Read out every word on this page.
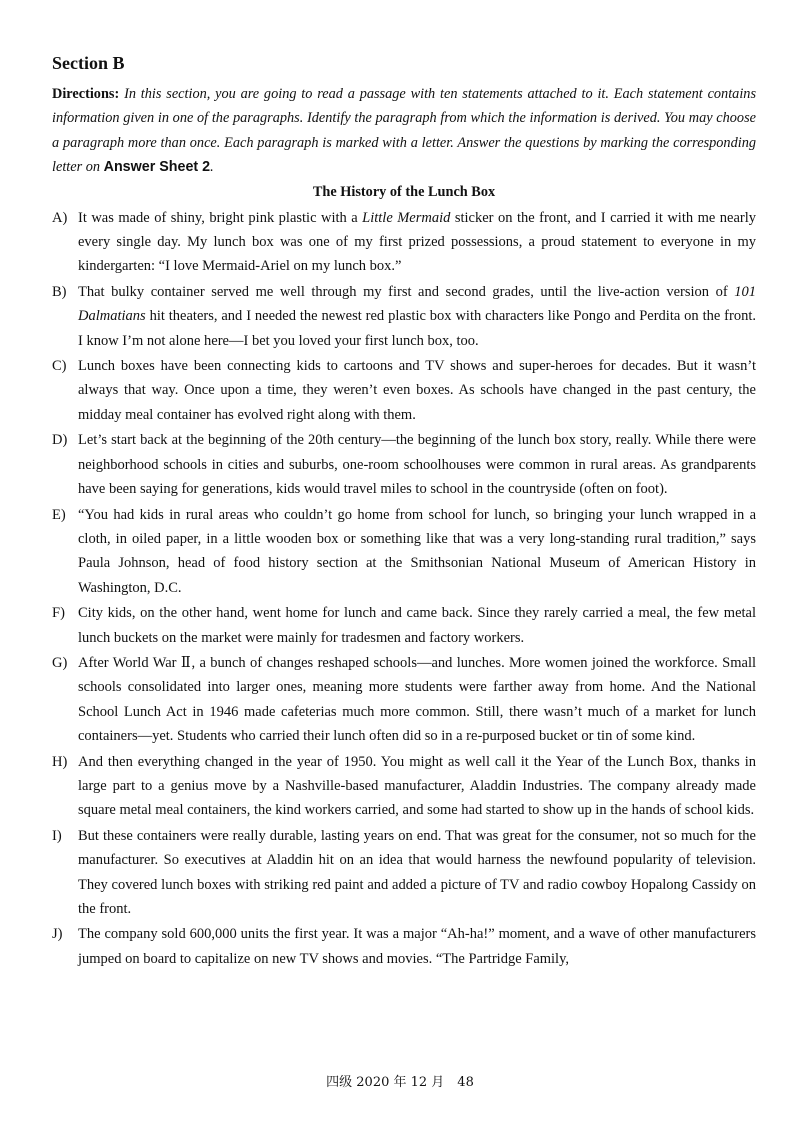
Section B

Directions: In this section, you are going to read a passage with ten statements attached to it. Each statement contains information given in one of the paragraphs. Identify the paragraph from which the information is derived. You may choose a paragraph more than once. Each paragraph is marked with a letter. Answer the questions by marking the corresponding letter on Answer Sheet 2.

The History of the Lunch Box

A) It was made of shiny, bright pink plastic with a Little Mermaid sticker on the front, and I carried it with me nearly every single day. My lunch box was one of my first prized possessions, a proud statement to everyone in my kindergarten: “I love Mermaid-Ariel on my lunch box.”

B) That bulky container served me well through my first and second grades, until the live-action version of 101 Dalmatians hit theaters, and I needed the newest red plastic box with characters like Pongo and Perdita on the front. I know I’m not alone here—I bet you loved your first lunch box, too.

C) Lunch boxes have been connecting kids to cartoons and TV shows and super-heroes for decades. But it wasn’t always that way. Once upon a time, they weren’t even boxes. As schools have changed in the past century, the midday meal container has evolved right along with them.

D) Let’s start back at the beginning of the 20th century—the beginning of the lunch box story, really. While there were neighborhood schools in cities and suburbs, one-room schoolhouses were common in rural areas. As grandparents have been saying for generations, kids would travel miles to school in the countryside (often on foot).

E) “You had kids in rural areas who couldn’t go home from school for lunch, so bringing your lunch wrapped in a cloth, in oiled paper, in a little wooden box or something like that was a very long-standing rural tradition,” says Paula Johnson, head of food history section at the Smithsonian National Museum of American History in Washington, D.C.

F) City kids, on the other hand, went home for lunch and came back. Since they rarely carried a meal, the few metal lunch buckets on the market were mainly for tradesmen and factory workers.

G) After World War Ⅱ, a bunch of changes reshaped schools—and lunches. More women joined the workforce. Small schools consolidated into larger ones, meaning more students were farther away from home. And the National School Lunch Act in 1946 made cafeterias much more common. Still, there wasn’t much of a market for lunch containers—yet. Students who carried their lunch often did so in a re-purposed bucket or tin of some kind.

H) And then everything changed in the year of 1950. You might as well call it the Year of the Lunch Box, thanks in large part to a genius move by a Nashville-based manufacturer, Aladdin Industries. The company already made square metal meal containers, the kind workers carried, and some had started to show up in the hands of school kids.

I) But these containers were really durable, lasting years on end. That was great for the consumer, not so much for the manufacturer. So executives at Aladdin hit on an idea that would harness the newfound popularity of television. They covered lunch boxes with striking red paint and added a picture of TV and radio cowboy Hopalong Cassidy on the front.

J) The company sold 600,000 units the first year. It was a major “Ah-ha!” moment, and a wave of other manufacturers jumped on board to capitalize on new TV shows and movies. “The Partridge Family,

四级 2020 年 12 月　48
